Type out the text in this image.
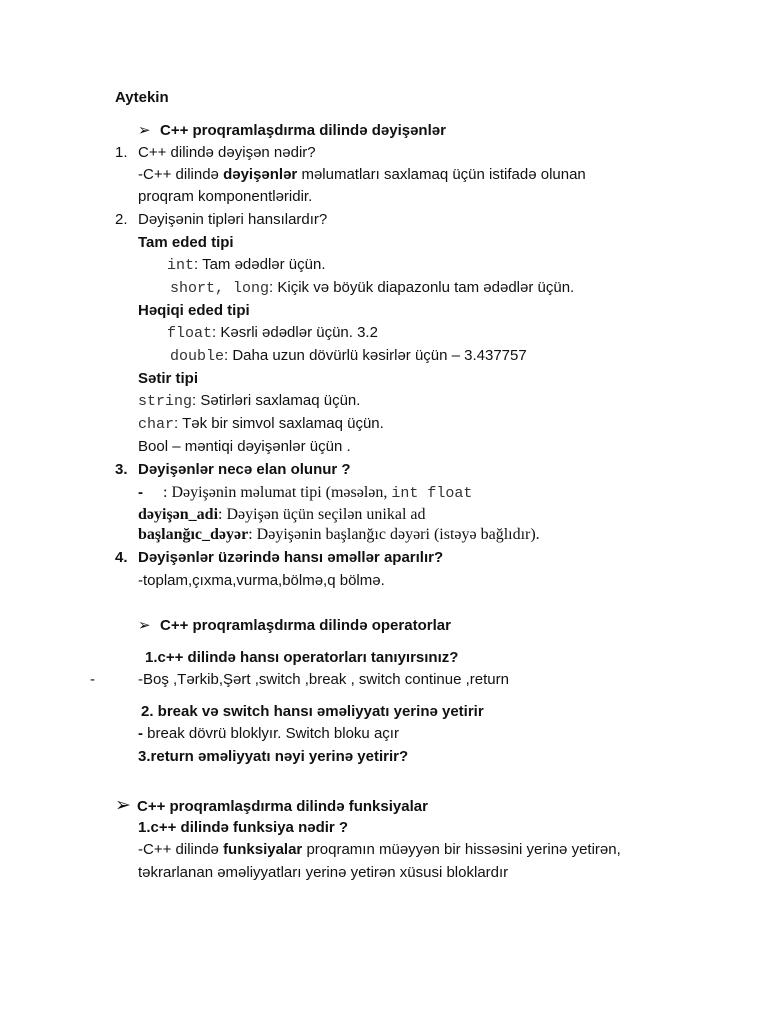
Aytekin
➢ C++ proqramlaşdırma dilində dəyişənlər
1. C++ dilində dəyişən nədir?
-C++ dilində dəyişənlər məlumatları saxlamaq üçün istifadə olunan
proqram komponentləridir.
2. Dəyişənin tipləri hansılardır?
Tam eded tipi
int: Tam ədədlər üçün.
short, long: Kiçik və böyük diapazonlu tam ədədlər üçün.
Həqiqi eded tipi
float: Kəsrli ədədlər üçün. 3.2
double: Daha uzun dövürlü kəsirlər üçün – 3.437757
Sətir tipi
string: Sətirləri saxlamaq üçün.
char: Tək bir simvol saxlamaq üçün.
Bool – məntiqi dəyişənlər üçün .
3. Dəyişənlər necə elan olunur ?
- : Dəyişənin məlumat tipi (məsələn, int float
dəyişən_adi: Dəyişən üçün seçilən unikal ad
başlanğıc_dəyər: Dəyişənin başlanğıc dəyəri (istəyə bağlıdır).
4. Dəyişənlər üzərində hansı əməllər aparılır?
-toplam,çıxma,vurma,bölmə,q bölmə.
➢ C++ proqramlaşdırma dilində operatorlar
1.c++ dilində hansı operatorları tanıyırsınız?
-	-Boş ,Tərkib,Şərt ,switch ,break , switch continue ,return
2. break və switch hansı əməliyyatı yerinə yetirir
- break dövrü bloklyır. Switch bloku açır
3.return əməliyyatı nəyi yerinə yetirir?
➢ C++ proqramlaşdırma dilində funksiyalar
1.c++ dilində funksiya nədir ?
-C++ dilində funksiyalar proqramın müəyyən bir hissəsini yerinə yetirən,
təkrarlanan əməliyyatları yerinə yetirən xüsusi bloklardır
